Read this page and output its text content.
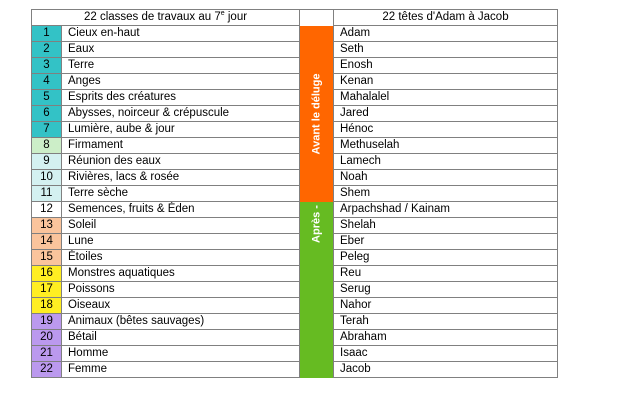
22 classes de travaux au 7e jour			22 têtes d'Adam à Jacob
1	Cieux en-haut	Avant le déluge	Adam
2	Eaux		Seth
3	Terre		Enosh
4	Anges		Kenan
5	Esprits des créatures		Mahalalel
6	Abysses, noirceur & crépuscule		Jared
7	Lumière, aube & jour		Hénoc
8	Firmament		Methuselah
9	Réunion des eaux		Lamech
10	Rivières, lacs & rosée		Noah
11	Terre sèche		Shem
12	Semences, fruits & Éden	Après -	Arpachshad / Kainam
13	Soleil		Shelah
14	Lune		Eber
15	Étoiles		Peleg
16	Monstres aquatiques		Reu
17	Poissons		Serug
18	Oiseaux		Nahor
19	Animaux (bêtes sauvages)		Terah
20	Bétail		Abraham
21	Homme		Isaac
22	Femme		Jacob
